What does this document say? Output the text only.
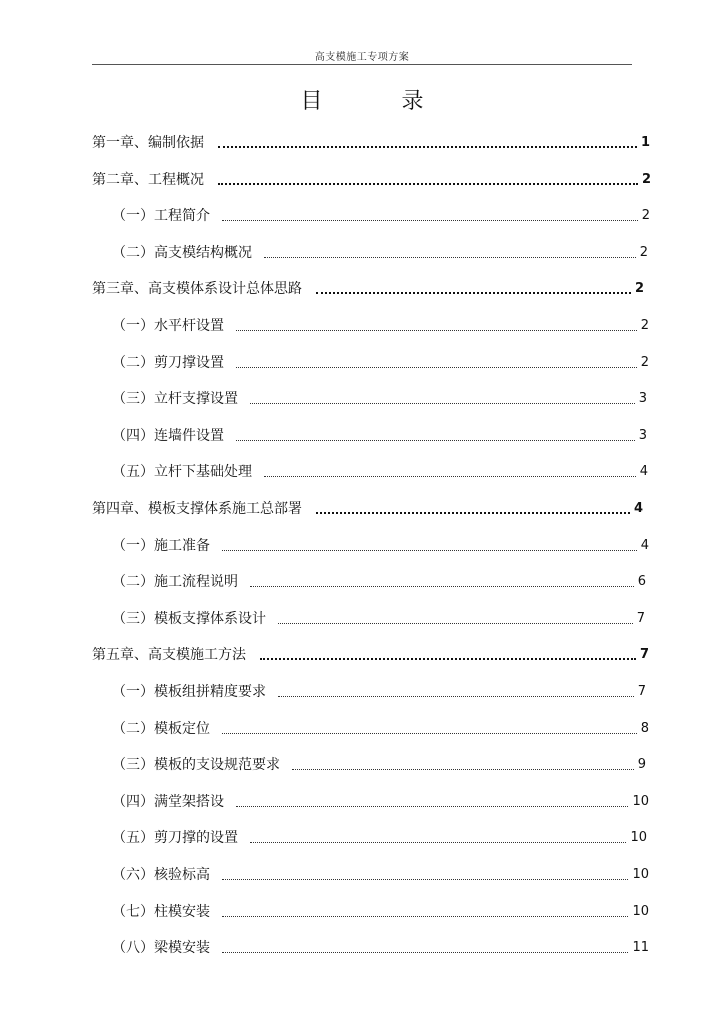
高支模施工专项方案
目 录
第一章、编制依据	1
第二章、工程概况	2
（一）工程简介	2
（二）高支模结构概况	2
第三章、高支模体系设计总体思路	2
（一）水平杆设置	2
（二）剪刀撑设置	2
（三）立杆支撑设置	3
（四）连墙件设置	3
（五）立杆下基础处理	4
第四章、模板支撑体系施工总部署	4
（一）施工准备	4
（二）施工流程说明	6
（三）模板支撑体系设计	7
第五章、高支模施工方法	7
（一）模板组拼精度要求	7
（二）模板定位	8
（三）模板的支设规范要求	9
（四）满堂架搭设	10
（五）剪刀撑的设置	10
（六）核验标高	10
（七）柱模安装	10
（八）梁模安装	11
